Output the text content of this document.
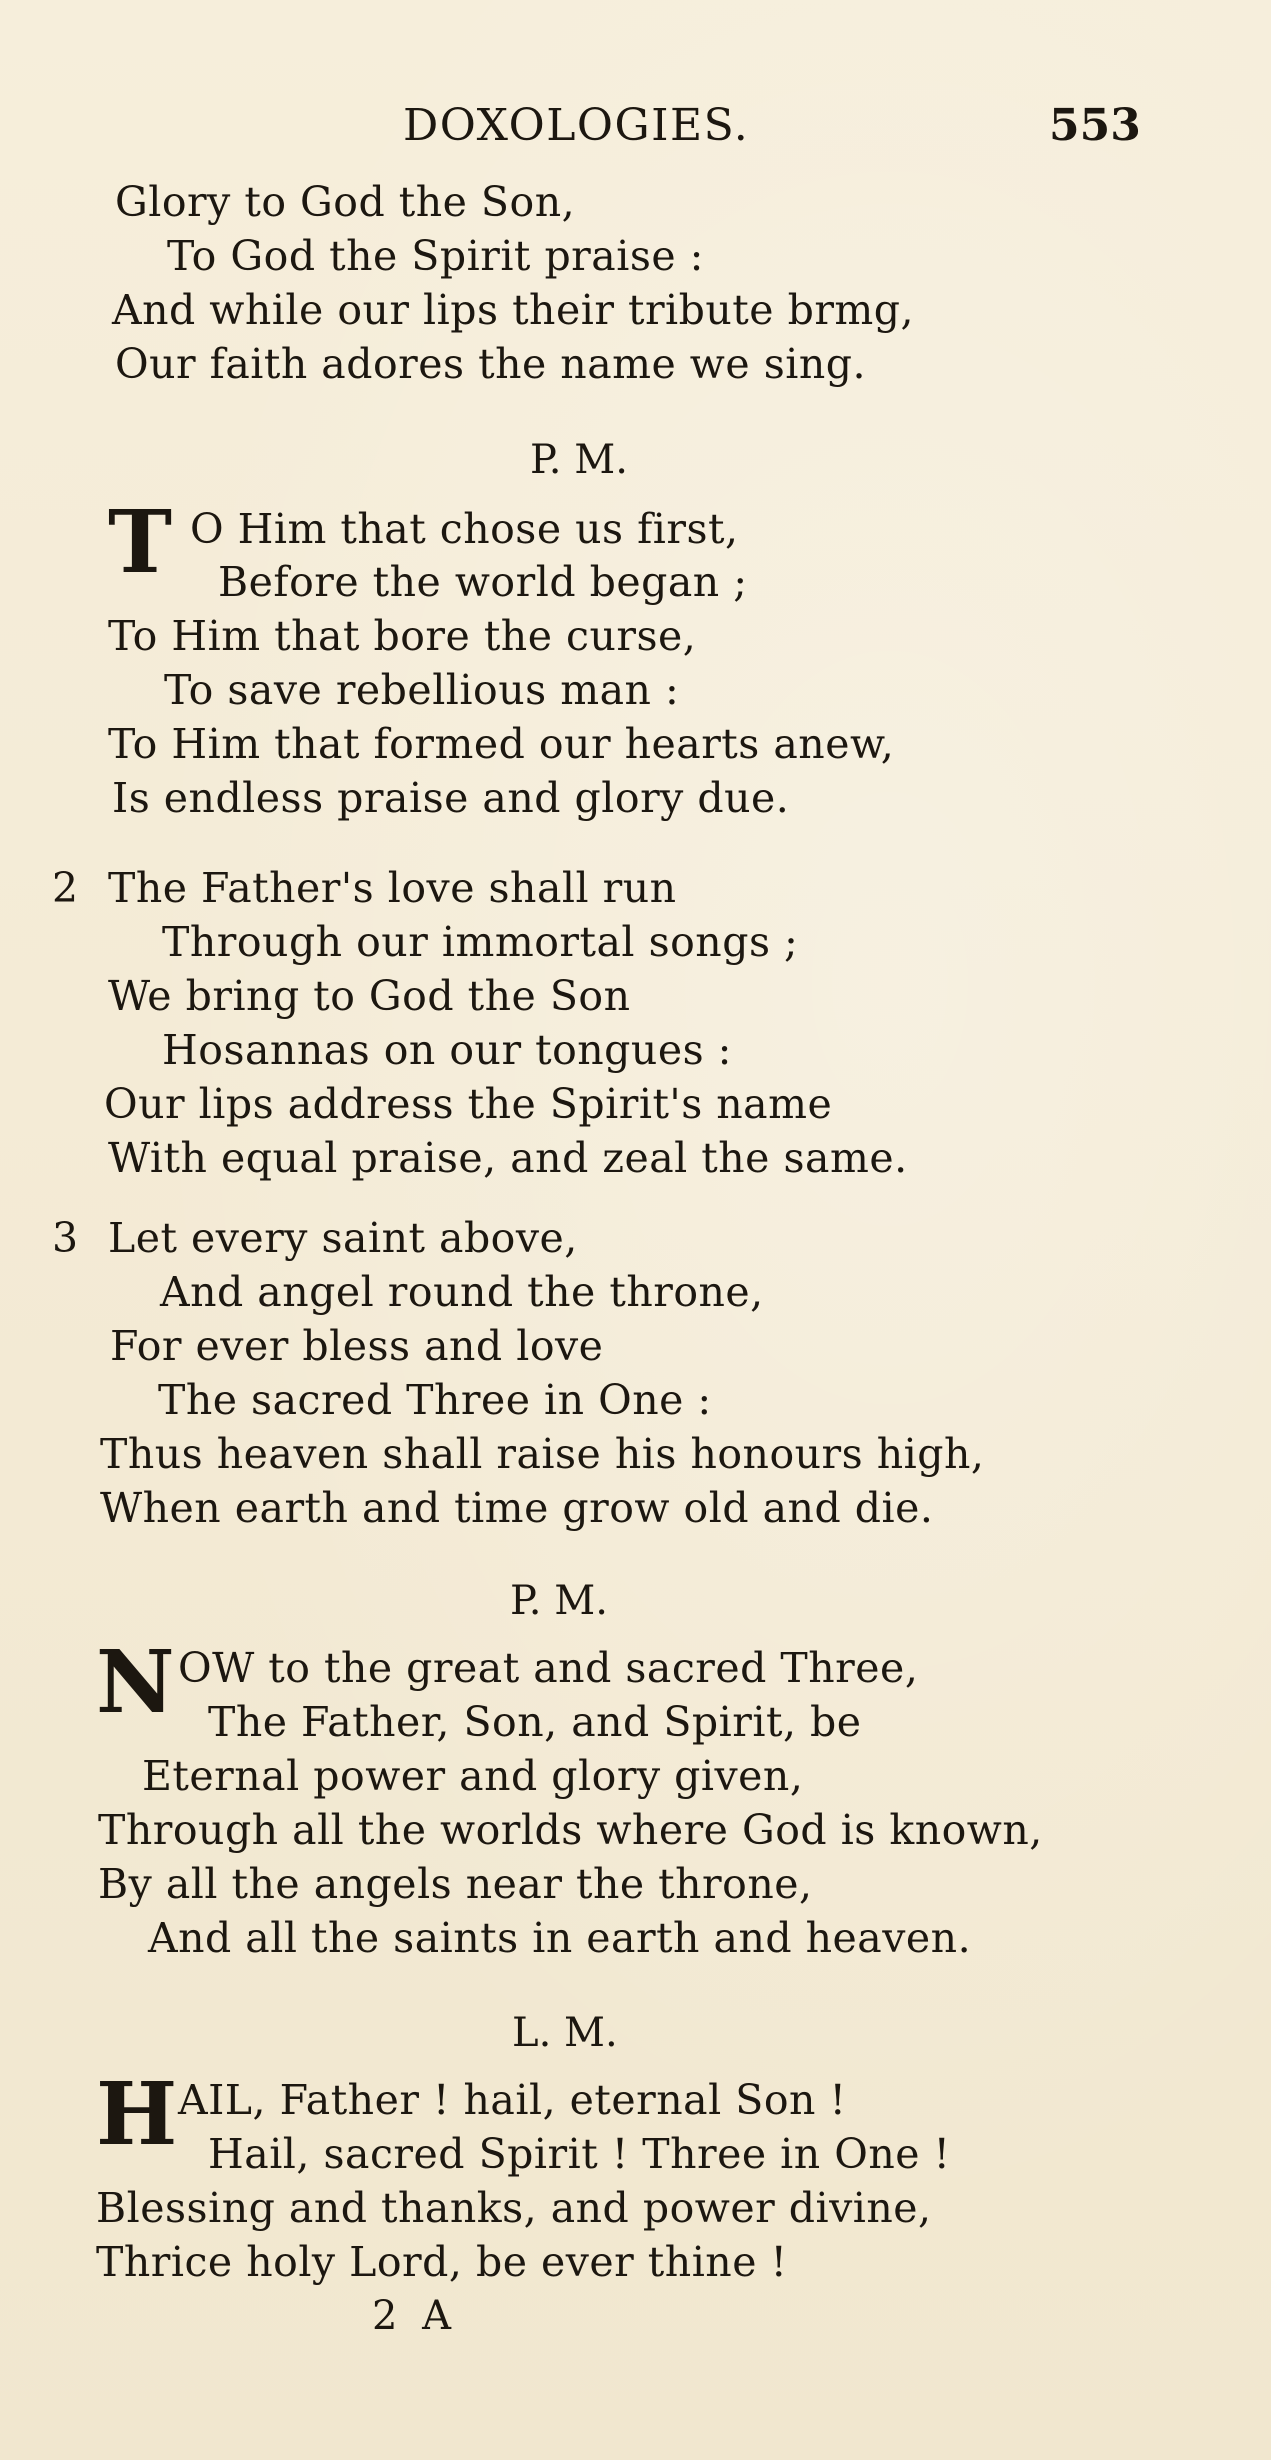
DOXOLOGIES.	553
Glory to God the Son,
To God the Spirit praise :
And while our lips their tribute brmg,
Our faith adores the name we sing.
P. M.
T O Him that chose us first,
Before the world began ;
To Him that bore the curse,
To save rebellious man :
To Him that formed our hearts anew,
Is endless praise and glory due.
2 The Father's love shall run
Through our immortal songs ;
We bring to God the Son
Hosannas on our tongues :
Our lips address the Spirit's name
With equal praise, and zeal the same.
3 Let every saint above,
And angel round the throne,
For ever bless and love
The sacred Three in One :
Thus heaven shall raise his honours high,
When earth and time grow old and die.
P. M.
N OW to the great and sacred Three,
The Father, Son, and Spirit, be
Eternal power and glory given,
Through all the worlds where God is known,
By all the angels near the throne,
And all the saints in earth and heaven.
L. M.
H AIL, Father ! hail, eternal Son !
Hail, sacred Spirit ! Three in One !
Blessing and thanks, and power divine,
Thrice holy Lord, be ever thine !
2 A
